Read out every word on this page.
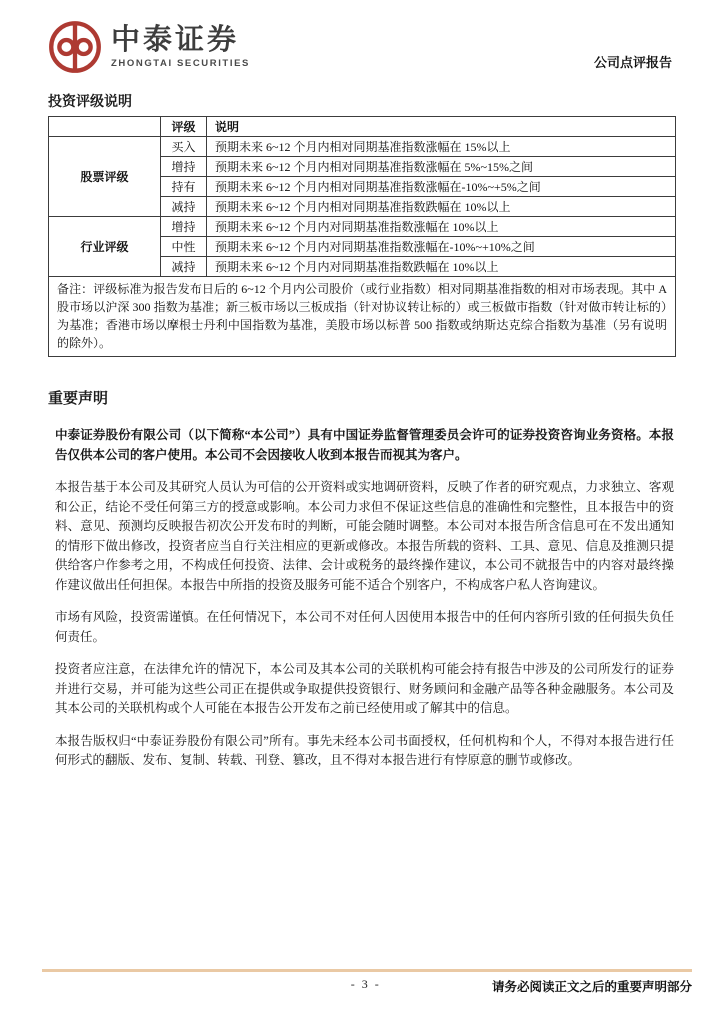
中泰证券
ZHONGTAI SECURITIES	公司点评报告
投资评级说明
	评级	说明
股票评级	买入	预期未来 6~12 个月内相对同期基准指数涨幅在 15%以上
	增持	预期未来 6~12 个月内相对同期基准指数涨幅在 5%~15%之间
	持有	预期未来 6~12 个月内相对同期基准指数涨幅在-10%~+5%之间
	减持	预期未来 6~12 个月内相对同期基准指数跌幅在 10%以上
行业评级	增持	预期未来 6~12 个月内对同期基准指数涨幅在 10%以上
	中性	预期未来 6~12 个月内对同期基准指数涨幅在-10%~+10%之间
	减持	预期未来 6~12 个月内对同期基准指数跌幅在 10%以上
备注：评级标准为报告发布日后的 6~12 个月内公司股价（或行业指数）相对同期基准指数的相对市场表现。其中 A 股市场以沪深 300 指数为基准；新三板市场以三板成指（针对协议转让标的）或三板做市指数（针对做市转让标的）为基准；香港市场以摩根士丹利中国指数为基准，美股市场以标普 500 指数或纳斯达克综合指数为基准（另有说明的除外）。		
重要声明

中泰证券股份有限公司（以下简称“本公司”）具有中国证券监督管理委员会许可的证券投资咨询业务资格。本报告仅供本公司的客户使用。本公司不会因接收人收到本报告而视其为客户。

本报告基于本公司及其研究人员认为可信的公开资料或实地调研资料，反映了作者的研究观点，力求独立、客观和公正，结论不受任何第三方的授意或影响。本公司力求但不保证这些信息的准确性和完整性，且本报告中的资料、意见、预测均反映报告初次公开发布时的判断，可能会随时调整。本公司对本报告所含信息可在不发出通知的情形下做出修改，投资者应当自行关注相应的更新或修改。本报告所载的资料、工具、意见、信息及推测只提供给客户作参考之用，不构成任何投资、法律、会计或税务的最终操作建议，本公司不就报告中的内容对最终操作建议做出任何担保。本报告中所指的投资及服务可能不适合个别客户，不构成客户私人咨询建议。

市场有风险，投资需谨慎。在任何情况下，本公司不对任何人因使用本报告中的任何内容所引致的任何损失负任何责任。

投资者应注意，在法律允许的情况下，本公司及其本公司的关联机构可能会持有报告中涉及的公司所发行的证券并进行交易，并可能为这些公司正在提供或争取提供投资银行、财务顾问和金融产品等各种金融服务。本公司及其本公司的关联机构或个人可能在本报告公开发布之前已经使用或了解其中的信息。

本报告版权归“中泰证券股份有限公司”所有。事先未经本公司书面授权，任何机构和个人，不得对本报告进行任何形式的翻版、发布、复制、转载、刊登、篡改，且不得对本报告进行有悖原意的删节或修改。

- 3 -	请务必阅读正文之后的重要声明部分
